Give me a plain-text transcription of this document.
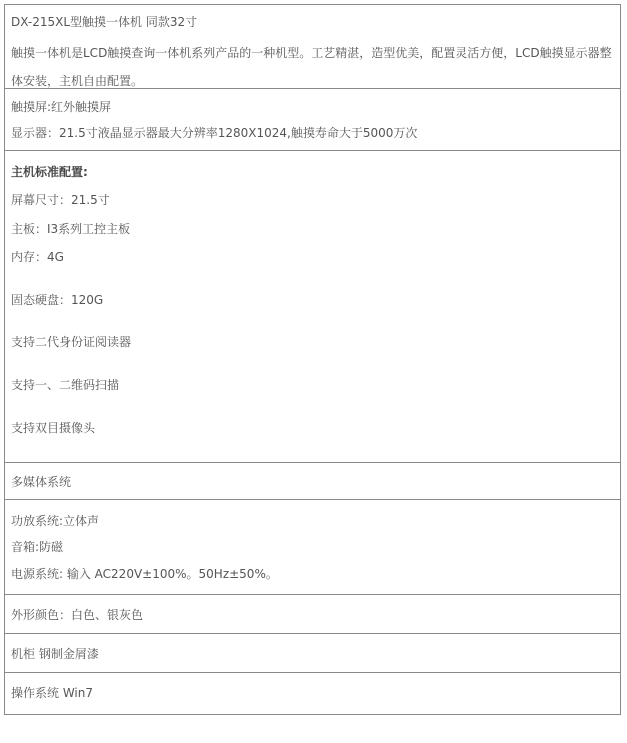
DX-215XL型触摸一体机 同款32寸
触摸一体机是LCD触摸查询一体机系列产品的一种机型。工艺精湛，造型优美，配置灵活方便，LCD触摸显示器整
体安装，主机自由配置。
触摸屏:红外触摸屏
显示器：21.5寸液晶显示器最大分辨率1280X1024,触摸寿命大于5000万次
主机标准配置:
屏幕尺寸：21.5寸
主板：I3系列工控主板
内存：4G
固态硬盘：120G
支持二代身份证阅读器
支持一、二维码扫描
支持双目摄像头
多媒体系统
功放系统:立体声
音箱:防磁
电源系统: 输入 AC220V±100%。50Hz±50%。
外形颜色：白色、银灰色
机柜 钢制金屑漆
操作系统 Win7
